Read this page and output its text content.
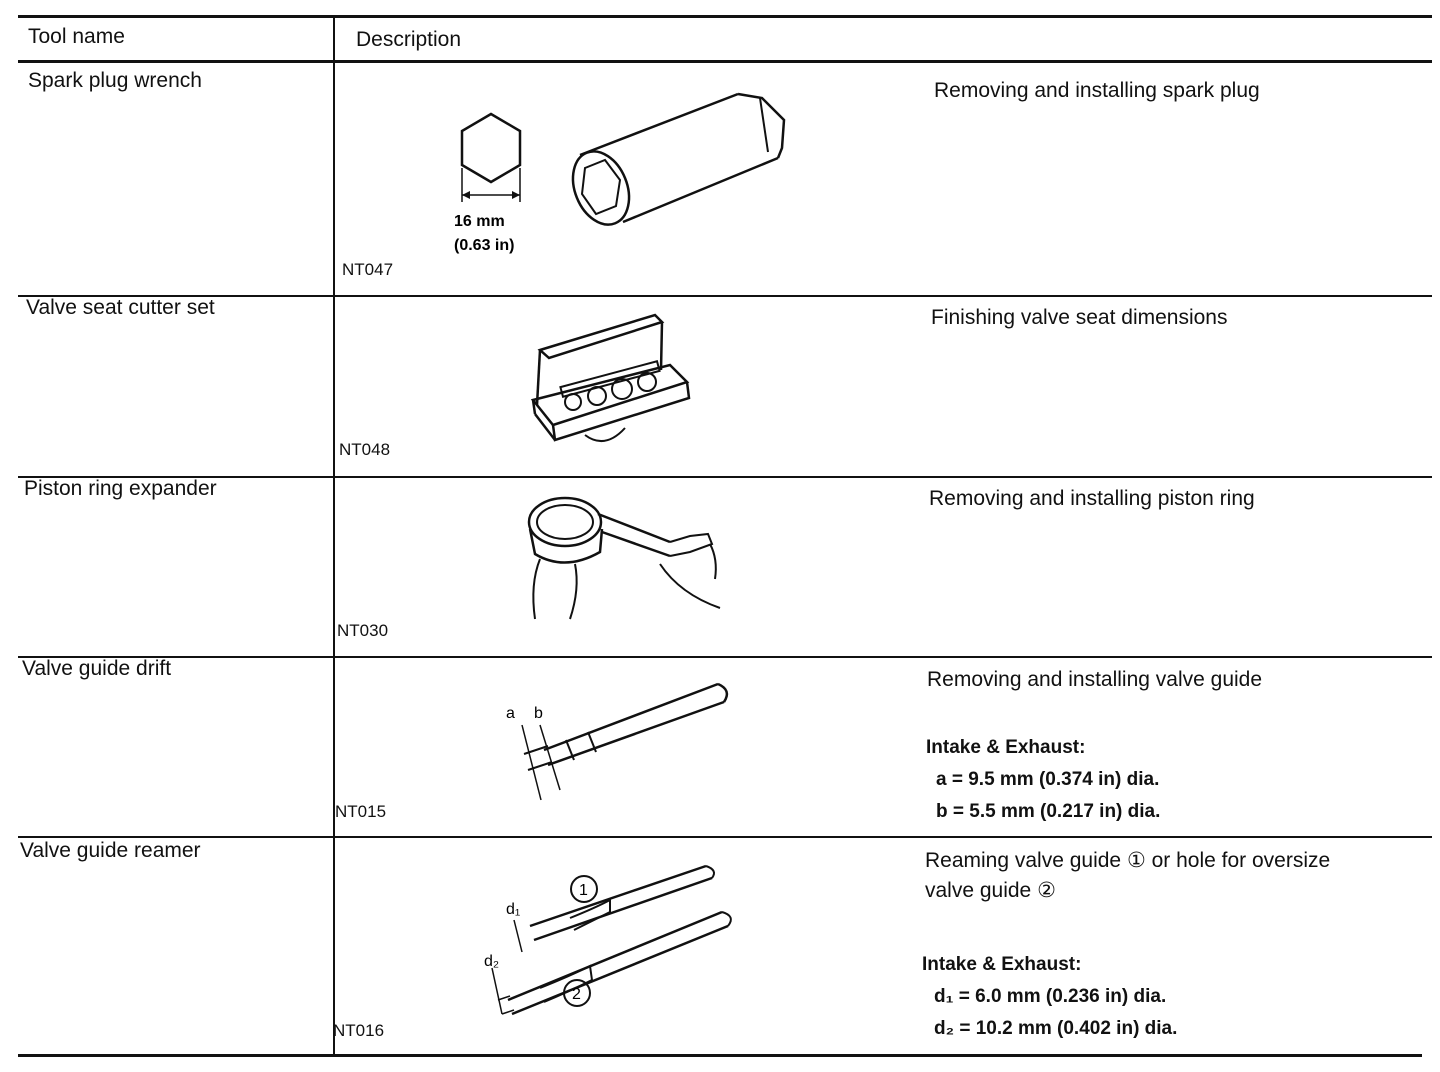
Tool name	Description
Spark plug wrench
NT047
Removing and installing spark plug
16 mm
(0.63 in)
Valve seat cutter set
NT048
Finishing valve seat dimensions
Piston ring expander
NT030
Removing and installing piston ring
Valve guide drift
NT015
Removing and installing valve guide
Intake & Exhaust:
a = 9.5 mm (0.374 in) dia.
b = 5.5 mm (0.217 in) dia.
a b
Valve guide reamer
NT016
Reaming valve guide ① or hole for oversize
valve guide ②
Intake & Exhaust:
d₁ = 6.0 mm (0.236 in) dia.
d₂ = 10.2 mm (0.402 in) dia.
1
2
d₁
d₂
